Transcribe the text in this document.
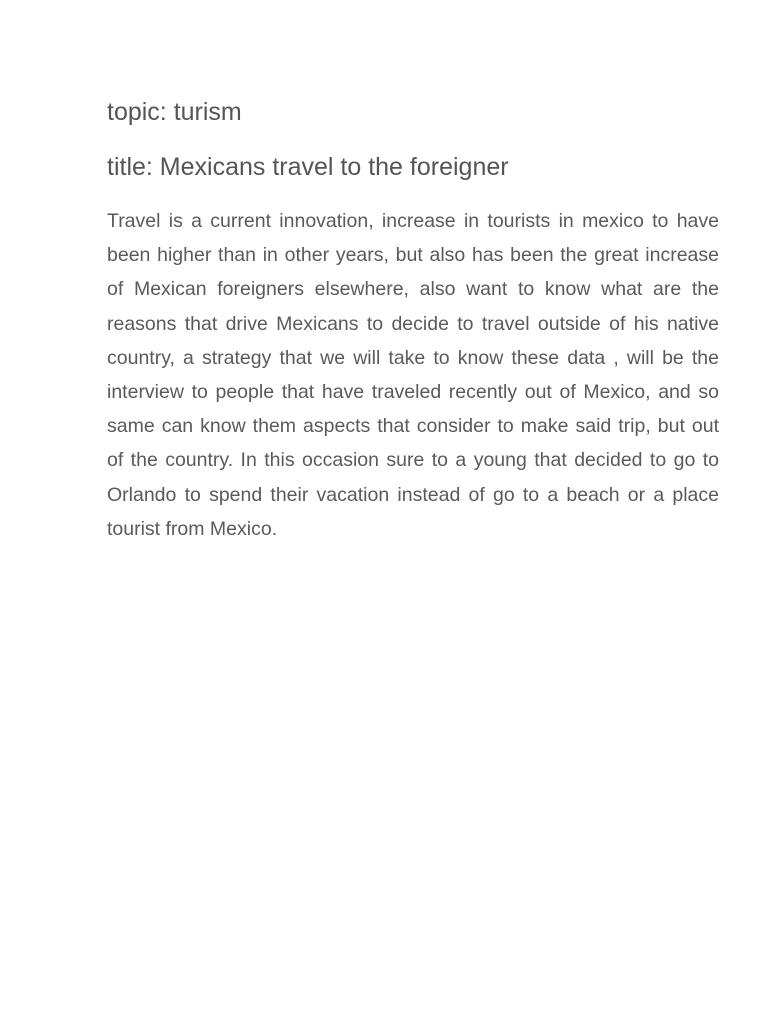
topic: turism

title: Mexicans travel to the foreigner

Travel is a current innovation, increase in tourists in mexico to have been higher than in other years, but also has been the great increase of Mexican foreigners elsewhere, also want to know what are the reasons that drive Mexicans to decide to travel outside of his native country, a strategy that we will take to know these data , will be the interview to people that have traveled recently out of Mexico, and so same can know them aspects that consider to make said trip, but out of the country. In this occasion sure to a young that decided to go to Orlando to spend their vacation instead of go to a beach or a place tourist from Mexico.
